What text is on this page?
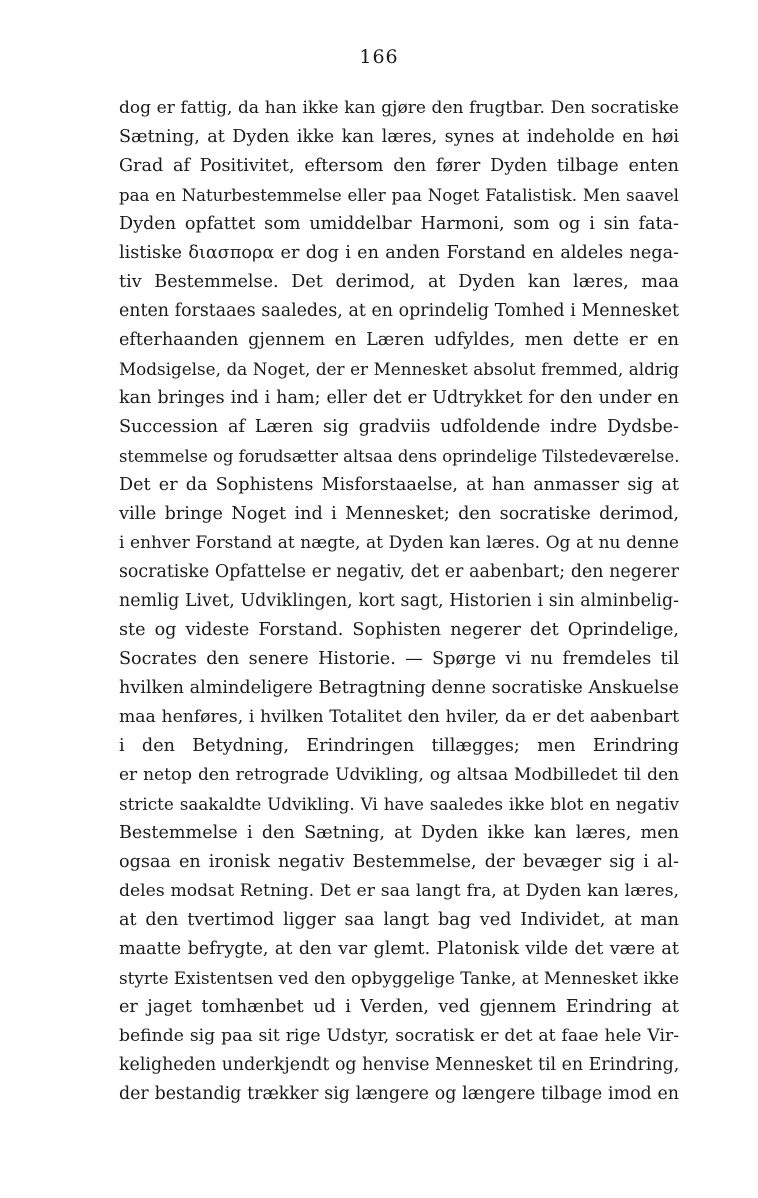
166
dog er fattig, da han ikke kan gjøre den frugtbar. Den socratiske
Sætning, at Dyden ikke kan læres, synes at indeholde en høi
Grad af Positivitet, eftersom den fører Dyden tilbage enten
paa en Naturbestemmelse eller paa Noget Fatalistisk. Men saavel
Dyden opfattet som umiddelbar Harmoni, som og i sin fata-
listiske διασπορα er dog i en anden Forstand en aldeles nega-
tiv Bestemmelse. Det derimod, at Dyden kan læres, maa
enten forstaaes saaledes, at en oprindelig Tomhed i Mennesket
efterhaanden gjennem en Læren udfyldes, men dette er en
Modsigelse, da Noget, der er Mennesket absolut fremmed, aldrig
kan bringes ind i ham; eller det er Udtrykket for den under en
Succession af Læren sig gradviis udfoldende indre Dydsbe-
stemmelse og forudsætter altsaa dens oprindelige Tilstedeværelse.
Det er da Sophistens Misforstaaelse, at han anmasser sig at
ville bringe Noget ind i Mennesket; den socratiske derimod,
i enhver Forstand at nægte, at Dyden kan læres. Og at nu denne
socratiske Opfattelse er negativ, det er aabenbart; den negerer
nemlig Livet, Udviklingen, kort sagt, Historien i sin alminbelig-
ste og videste Forstand. Sophisten negerer det Oprindelige,
Socrates den senere Historie. — Spørge vi nu fremdeles til
hvilken almindeligere Betragtning denne socratiske Anskuelse
maa henføres, i hvilken Totalitet den hviler, da er det aabenbart
i den Betydning, Erindringen tillægges; men Erindring
er netop den retrograde Udvikling, og altsaa Modbilledet til den
stricte saakaldte Udvikling. Vi have saaledes ikke blot en negativ
Bestemmelse i den Sætning, at Dyden ikke kan læres, men
ogsaa en ironisk negativ Bestemmelse, der bevæger sig i al-
deles modsat Retning. Det er saa langt fra, at Dyden kan læres,
at den tvertimod ligger saa langt bag ved Individet, at man
maatte befrygte, at den var glemt. Platonisk vilde det være at
styrte Existentsen ved den opbyggelige Tanke, at Mennesket ikke
er jaget tomhænbet ud i Verden, ved gjennem Erindring at
befinde sig paa sit rige Udstyr, socratisk er det at faae hele Vir-
keligheden underkjendt og henvise Mennesket til en Erindring,
der bestandig trækker sig længere og længere tilbage imod en
